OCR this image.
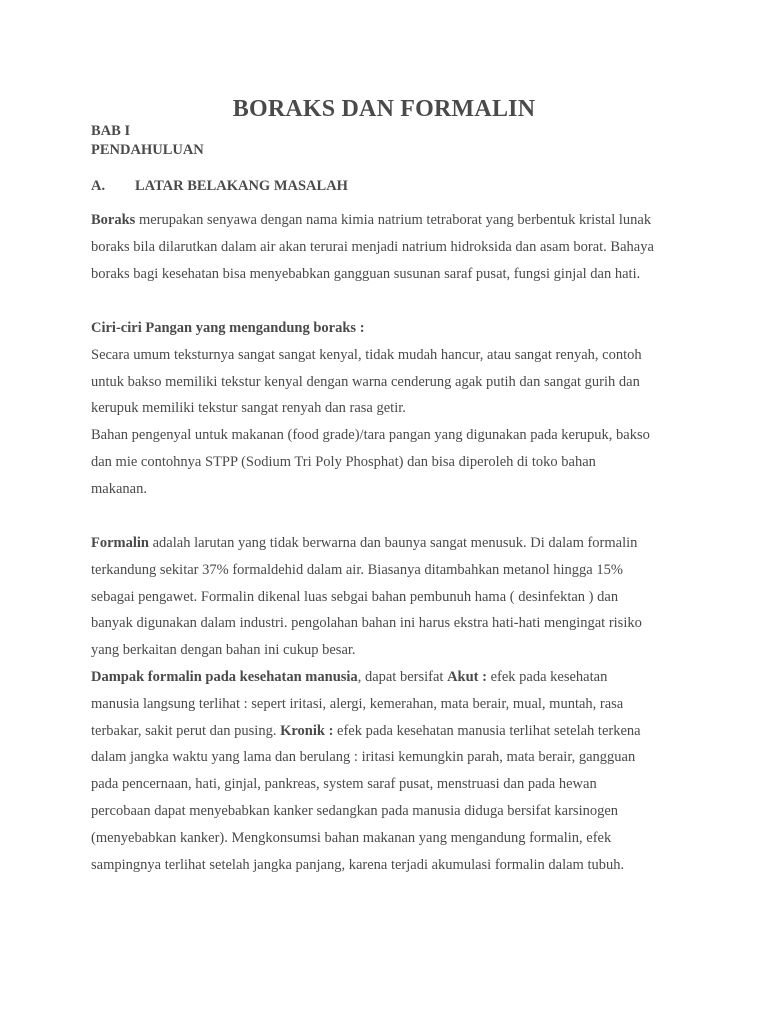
BORAKS DAN FORMALIN
BAB I
PENDAHULUAN
A. LATAR BELAKANG MASALAH
Boraks merupakan senyawa dengan nama kimia natrium tetraborat yang berbentuk kristal lunak
boraks bila dilarutkan dalam air akan terurai menjadi natrium hidroksida dan asam borat. Bahaya
boraks bagi kesehatan bisa menyebabkan gangguan susunan saraf pusat, fungsi ginjal dan hati.
Ciri-ciri Pangan yang mengandung boraks :
Secara umum teksturnya sangat sangat kenyal, tidak mudah hancur, atau sangat renyah, contoh
untuk bakso memiliki tekstur kenyal dengan warna cenderung agak putih dan sangat gurih dan
kerupuk memiliki tekstur sangat renyah dan rasa getir.
Bahan pengenyal untuk makanan (food grade)/tara pangan yang digunakan pada kerupuk, bakso
dan mie contohnya STPP (Sodium Tri Poly Phosphat) dan bisa diperoleh di toko bahan
makanan.
Formalin adalah larutan yang tidak berwarna dan baunya sangat menusuk. Di dalam formalin
terkandung sekitar 37% formaldehid dalam air. Biasanya ditambahkan metanol hingga 15%
sebagai pengawet. Formalin dikenal luas sebgai bahan pembunuh hama ( desinfektan ) dan
banyak digunakan dalam industri. pengolahan bahan ini harus ekstra hati-hati mengingat risiko
yang berkaitan dengan bahan ini cukup besar.
Dampak formalin pada kesehatan manusia, dapat bersifat Akut : efek pada kesehatan
manusia langsung terlihat : sepert iritasi, alergi, kemerahan, mata berair, mual, muntah, rasa
terbakar, sakit perut dan pusing. Kronik : efek pada kesehatan manusia terlihat setelah terkena
dalam jangka waktu yang lama dan berulang : iritasi kemungkin parah, mata berair, gangguan
pada pencernaan, hati, ginjal, pankreas, system saraf pusat, menstruasi dan pada hewan
percobaan dapat menyebabkan kanker sedangkan pada manusia diduga bersifat karsinogen
(menyebabkan kanker). Mengkonsumsi bahan makanan yang mengandung formalin, efek
sampingnya terlihat setelah jangka panjang, karena terjadi akumulasi formalin dalam tubuh.
